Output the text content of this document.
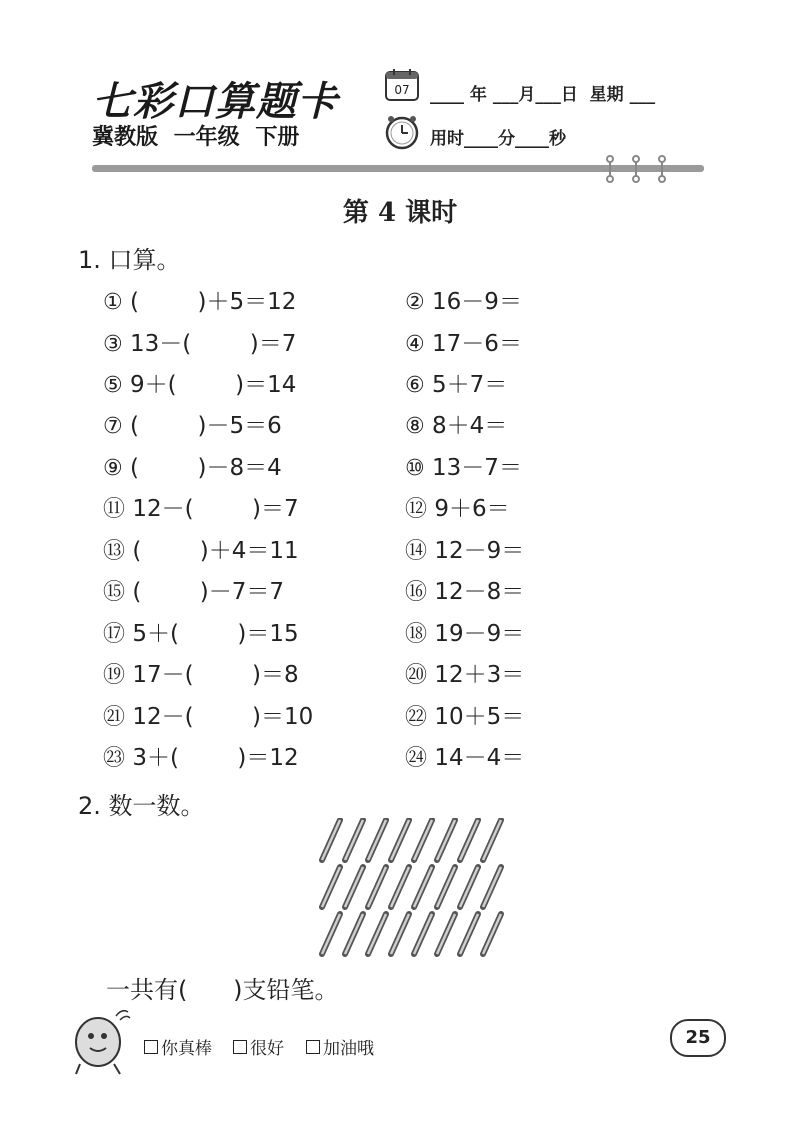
七彩口算题卡
冀教版 一年级 下册
07 ____ 年 ___月___日  星期 ___
用时____分____秒
第 4 课时
1. 口算。
① (        )＋5＝12	② 16－9＝
③ 13－(        )＝7	④ 17－6＝
⑤ 9＋(        )＝14	⑥ 5＋7＝
⑦ (        )－5＝6	⑧ 8＋4＝
⑨ (        )－8＝4	⑩ 13－7＝
⑪ 12－(        )＝7	⑫ 9＋6＝
⑬ (        )＋4＝11	⑭ 12－9＝
⑮ (        )－7＝7	⑯ 12－8＝
⑰ 5＋(        )＝15	⑱ 19－9＝
⑲ 17－(        )＝8	⑳ 12＋3＝
㉑ 12－(        )＝10	㉒ 10＋5＝
㉓ 3＋(        )＝12	㉔ 14－4＝
2. 数一数。
一共有(      )支铅笔。
你真棒 很好 加油哦
25
